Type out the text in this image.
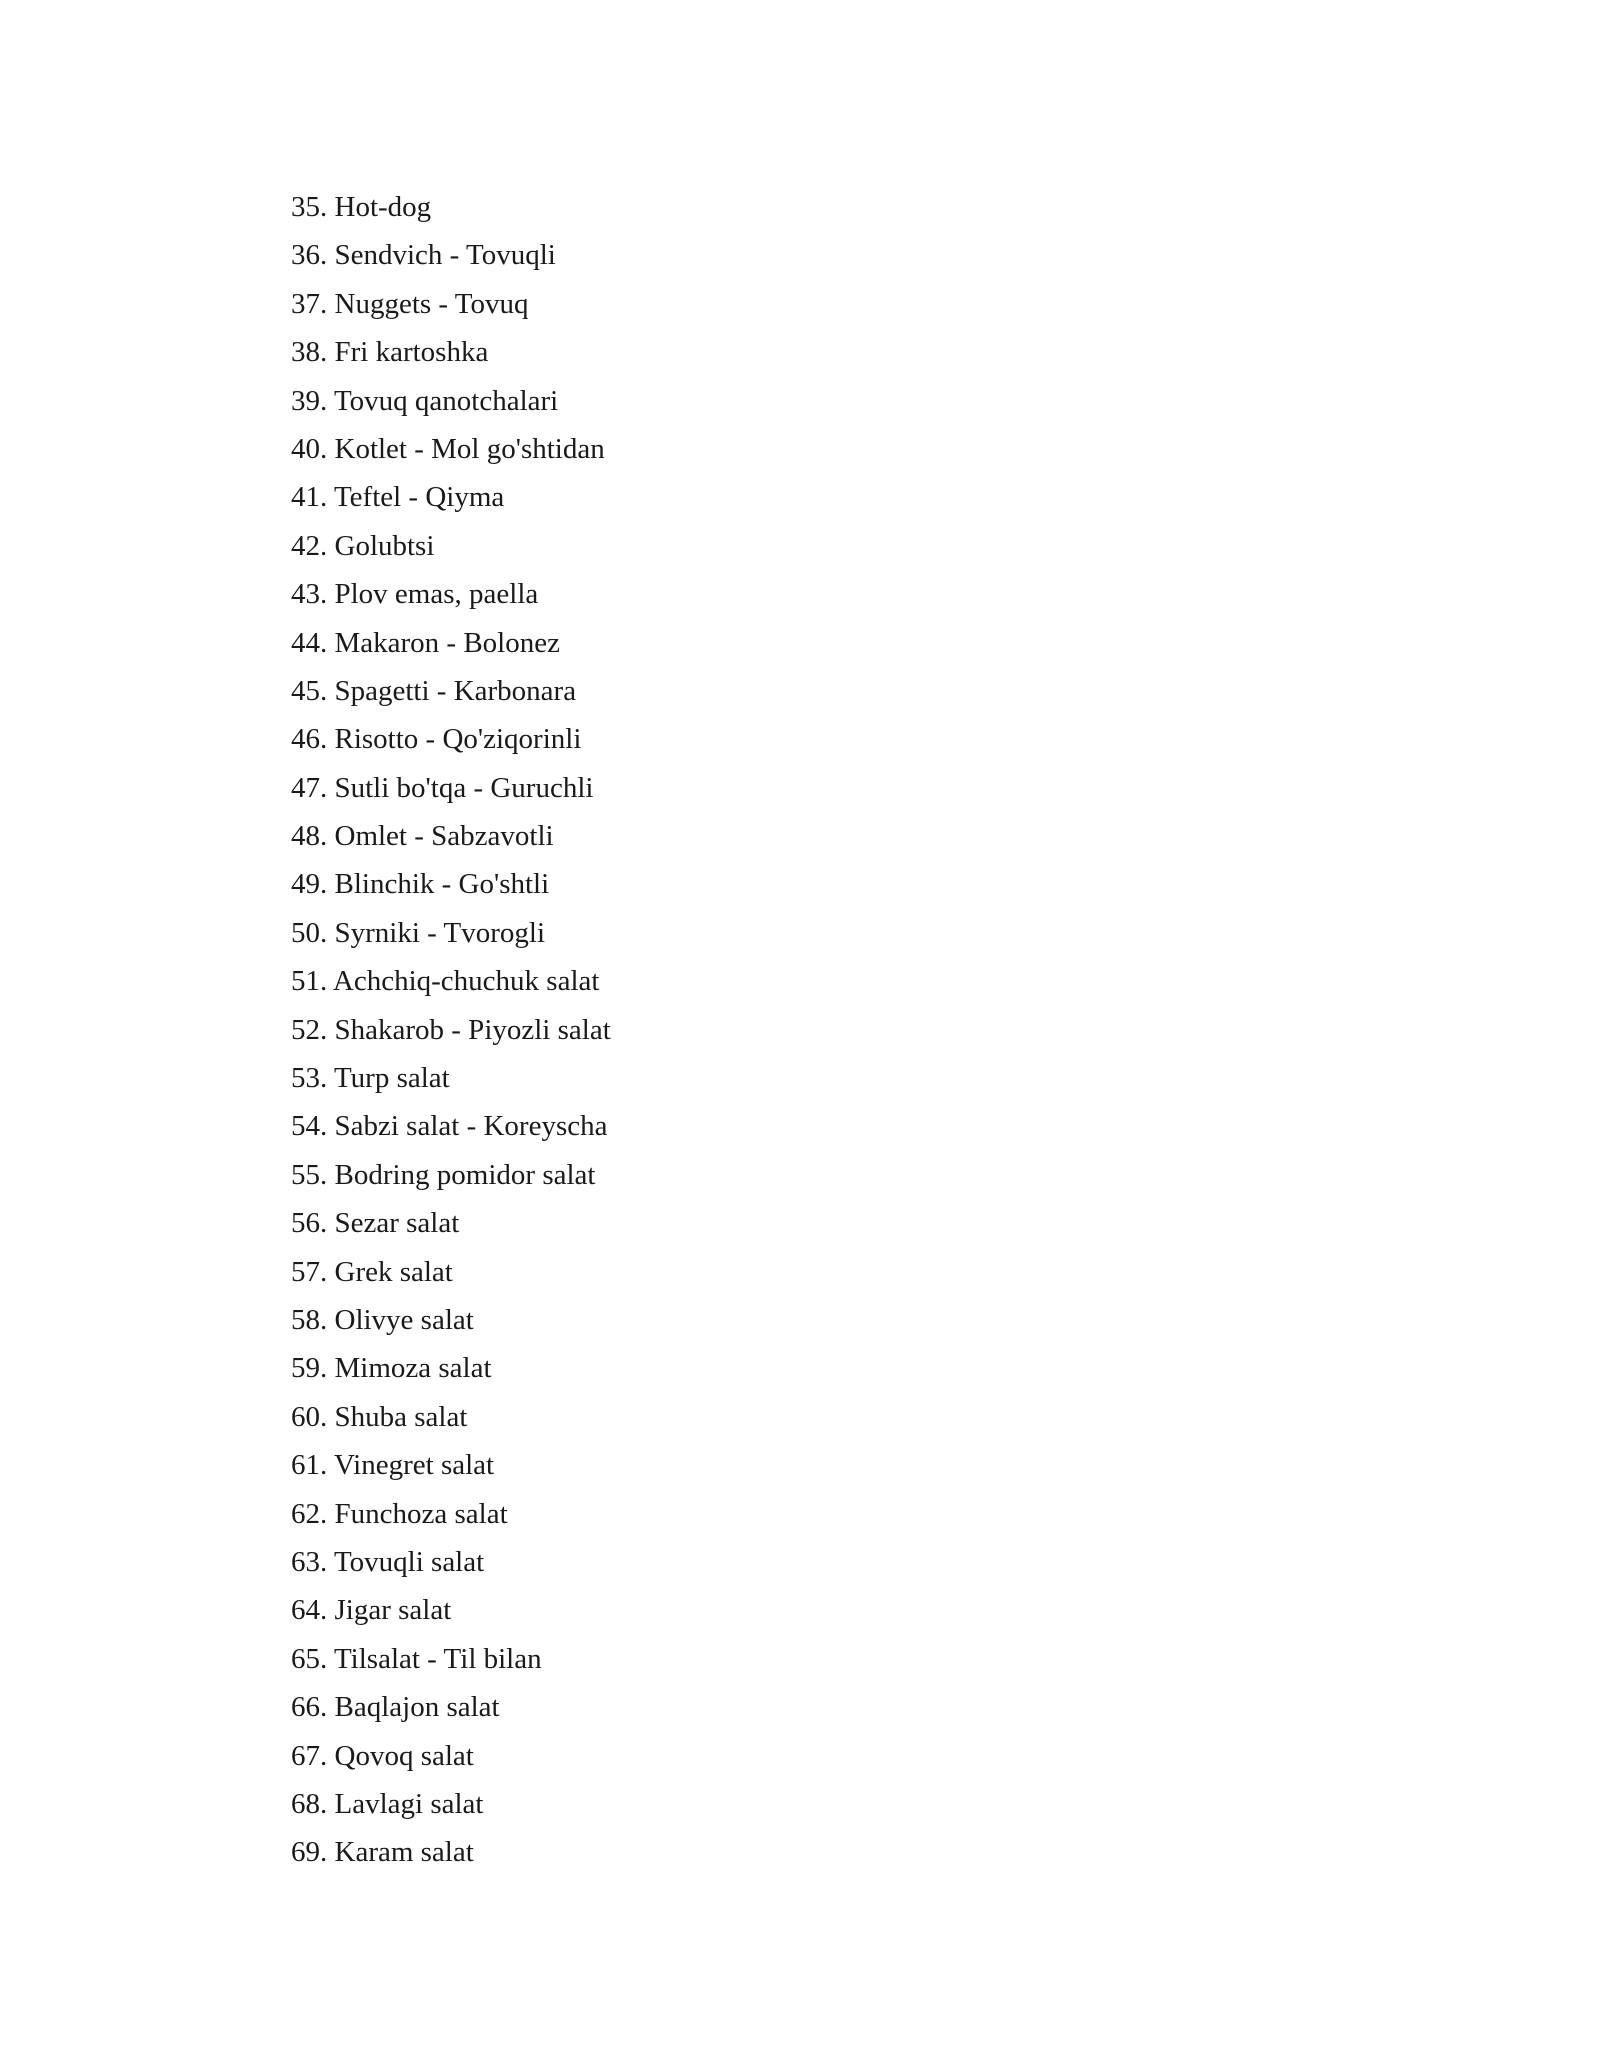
35. Hot-dog
36. Sendvich - Tovuqli
37. Nuggets - Tovuq
38. Fri kartoshka
39. Tovuq qanotchalari
40. Kotlet - Mol go'shtidan
41. Teftel - Qiyma
42. Golubtsi
43. Plov emas, paella
44. Makaron - Bolonez
45. Spagetti - Karbonara
46. Risotto - Qo'ziqorinli
47. Sutli bo'tqa - Guruchli
48. Omlet - Sabzavotli
49. Blinchik - Go'shtli
50. Syrniki - Tvorogli
51. Achchiq-chuchuk salat
52. Shakarob - Piyozli salat
53. Turp salat
54. Sabzi salat - Koreyscha
55. Bodring pomidor salat
56. Sezar salat
57. Grek salat
58. Olivye salat
59. Mimoza salat
60. Shuba salat
61. Vinegret salat
62. Funchoza salat
63. Tovuqli salat
64. Jigar salat
65. Tilsalat - Til bilan
66. Baqlajon salat
67. Qovoq salat
68. Lavlagi salat
69. Karam salat
